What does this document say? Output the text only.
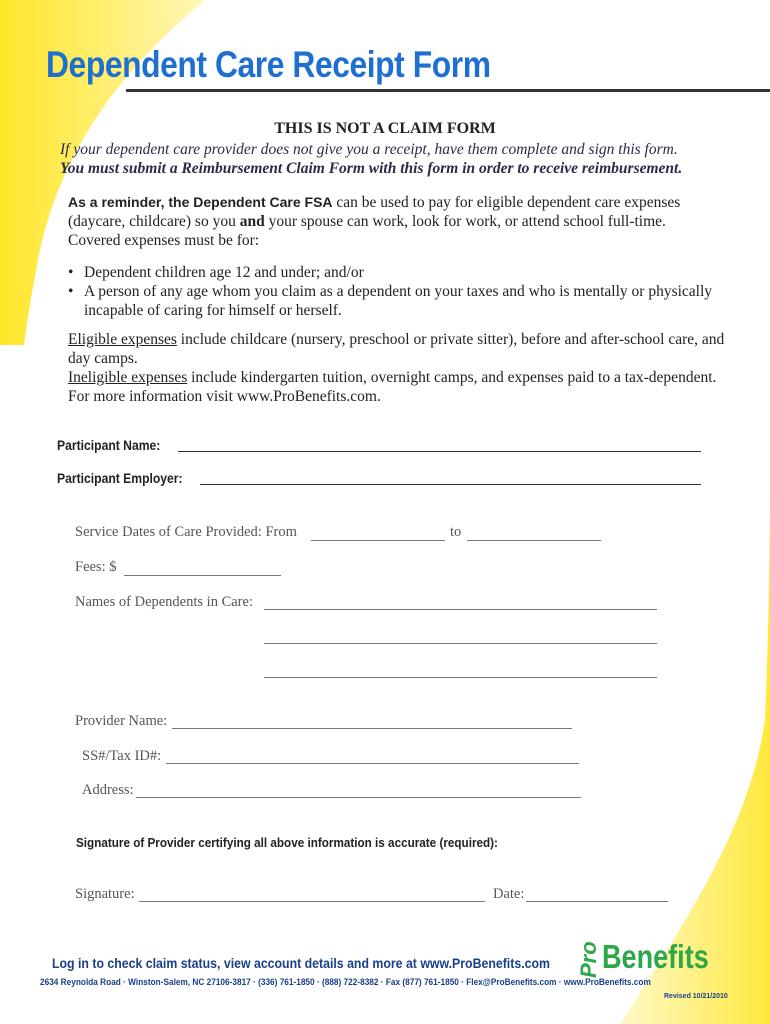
Dependent Care Receipt Form
THIS IS NOT A CLAIM FORM
If your dependent care provider does not give you a receipt, have them complete and sign this form.
You must submit a Reimbursement Claim Form with this form in order to receive reimbursement.
As a reminder, the Dependent Care FSA can be used to pay for eligible dependent care expenses (daycare, childcare) so you and your spouse can work, look for work, or attend school full-time.
Covered expenses must be for:
• Dependent children age 12 and under; and/or
• A person of any age whom you claim as a dependent on your taxes and who is mentally or physically incapable of caring for himself or herself.
Eligible expenses include childcare (nursery, preschool or private sitter), before and after-school care, and day camps.
Ineligible expenses include kindergarten tuition, overnight camps, and expenses paid to a tax-dependent. For more information visit www.ProBenefits.com.
Participant Name:
Participant Employer:
Service Dates of Care Provided: From	to
Fees: $
Names of Dependents in Care:
Provider Name:
SS#/Tax ID#:
Address:
Signature of Provider certifying all above information is accurate (required):
Signature:	Date:
Log in to check claim status, view account details and more at www.ProBenefits.com Pro Benefits
2634 Reynolda Road · Winston-Salem, NC 27106-3817 · (336) 761-1850 · (888) 722-8382 · Fax (877) 761-1850 · Flex@ProBenefits.com · www.ProBenefits.com
Revised 10/21/2010
